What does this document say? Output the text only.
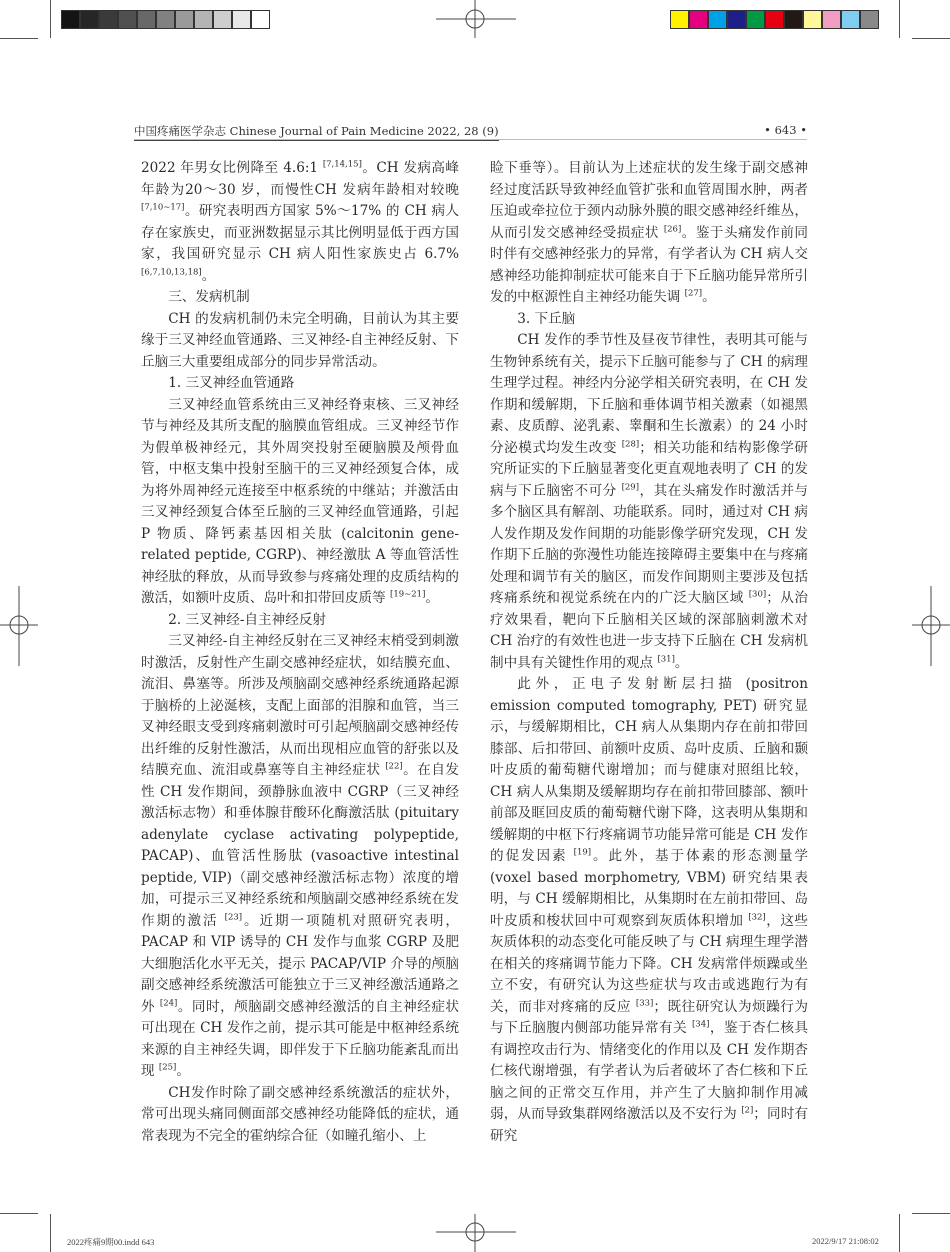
中国疼痛医学杂志 Chinese Journal of Pain Medicine 2022, 28 (9)	• 643 •

2022 年男女比例降至 4.6:1 [7,14,15]。CH 发病高峰年龄为20～30 岁，而慢性CH 发病年龄相对较晚 [7,10~17]。研究表明西方国家 5%～17% 的 CH 病人存在家族史，而亚洲数据显示其比例明显低于西方国家，我国研究显示 CH 病人阳性家族史占 6.7% [6,7,10,13,18]。

三、发病机制

CH 的发病机制仍未完全明确，目前认为其主要缘于三叉神经血管通路、三叉神经-自主神经反射、下丘脑三大重要组成部分的同步异常活动。

1. 三叉神经血管通路

三叉神经血管系统由三叉神经脊束核、三叉神经节与神经及其所支配的脑膜血管组成。三叉神经节作为假单极神经元，其外周突投射至硬脑膜及颅骨血管，中枢支集中投射至脑干的三叉神经颈复合体，成为将外周神经元连接至中枢系统的中继站；并激活由三叉神经颈复合体至丘脑的三叉神经血管通路，引起 P 物质、降钙素基因相关肽 (calcitonin gene-related peptide, CGRP)、神经激肽 A 等血管活性神经肽的释放，从而导致参与疼痛处理的皮质结构的激活，如额叶皮质、岛叶和扣带回皮质等 [19~21]。

2. 三叉神经-自主神经反射

三叉神经-自主神经反射在三叉神经末梢受到刺激时激活，反射性产生副交感神经症状，如结膜充血、流泪、鼻塞等。所涉及颅脑副交感神经系统通路起源于脑桥的上泌涎核，支配上面部的泪腺和血管，当三叉神经眼支受到疼痛刺激时可引起颅脑副交感神经传出纤维的反射性激活，从而出现相应血管的舒张以及结膜充血、流泪或鼻塞等自主神经症状 [22]。在自发性 CH 发作期间，颈静脉血液中 CGRP（三叉神经激活标志物）和垂体腺苷酸环化酶激活肽 (pituitary adenylate cyclase activating polypeptide, PACAP)、血管活性肠肽 (vasoactive intestinal peptide, VIP)（副交感神经激活标志物）浓度的增加，可提示三叉神经系统和颅脑副交感神经系统在发作期的激活 [23]。近期一项随机对照研究表明，PACAP 和 VIP 诱导的 CH 发作与血浆 CGRP 及肥大细胞活化水平无关，提示 PACAP/VIP 介导的颅脑副交感神经系统激活可能独立于三叉神经激活通路之外 [24]。同时，颅脑副交感神经激活的自主神经症状可出现在 CH 发作之前，提示其可能是中枢神经系统来源的自主神经失调，即伴发于下丘脑功能紊乱而出现 [25]。

CH发作时除了副交感神经系统激活的症状外，常可出现头痛同侧面部交感神经功能降低的症状，通常表现为不完全的霍纳综合征（如瞳孔缩小、上

睑下垂等）。目前认为上述症状的发生缘于副交感神经过度活跃导致神经血管扩张和血管周围水肿，两者压迫或牵拉位于颈内动脉外膜的眼交感神经纤维丛，从而引发交感神经受损症状 [26]。鉴于头痛发作前同时伴有交感神经张力的异常，有学者认为 CH 病人交感神经功能抑制症状可能来自于下丘脑功能异常所引发的中枢源性自主神经功能失调 [27]。

3. 下丘脑

CH 发作的季节性及昼夜节律性，表明其可能与生物钟系统有关，提示下丘脑可能参与了 CH 的病理生理学过程。神经内分泌学相关研究表明，在 CH 发作期和缓解期，下丘脑和垂体调节相关激素（如褪黑素、皮质醇、泌乳素、睾酮和生长激素）的 24 小时分泌模式均发生改变 [28]；相关功能和结构影像学研究所证实的下丘脑显著变化更直观地表明了 CH 的发病与下丘脑密不可分 [29]，其在头痛发作时激活并与多个脑区具有解剖、功能联系。同时，通过对 CH 病人发作期及发作间期的功能影像学研究发现，CH 发作期下丘脑的弥漫性功能连接障碍主要集中在与疼痛处理和调节有关的脑区，而发作间期则主要涉及包括疼痛系统和视觉系统在内的广泛大脑区域 [30]；从治疗效果看，靶向下丘脑相关区域的深部脑刺激术对 CH 治疗的有效性也进一步支持下丘脑在 CH 发病机制中具有关键性作用的观点 [31]。

此外，正电子发射断层扫描 (positron emission computed tomography, PET) 研究显示，与缓解期相比，CH 病人从集期内存在前扣带回膝部、后扣带回、前额叶皮质、岛叶皮质、丘脑和颞叶皮质的葡萄糖代谢增加；而与健康对照组比较，CH 病人从集期及缓解期均存在前扣带回膝部、额叶前部及眶回皮质的葡萄糖代谢下降，这表明从集期和缓解期的中枢下行疼痛调节功能异常可能是 CH 发作的促发因素 [19]。此外，基于体素的形态测量学 (voxel based morphometry, VBM) 研究结果表明，与 CH 缓解期相比，从集期时在左前扣带回、岛叶皮质和梭状回中可观察到灰质体积增加 [32]，这些灰质体积的动态变化可能反映了与 CH 病理生理学潜在相关的疼痛调节能力下降。CH 发病常伴烦躁或坐立不安，有研究认为这些症状与攻击或逃跑行为有关，而非对疼痛的反应 [33]；既往研究认为烦躁行为与下丘脑腹内侧部功能异常有关 [34]，鉴于杏仁核具有调控攻击行为、情绪变化的作用以及 CH 发作期杏仁核代谢增强，有学者认为后者破坏了杏仁核和下丘脑之间的正常交互作用，并产生了大脑抑制作用减弱，从而导致集群网络激活以及不安行为 [2]；同时有研究

2022疼痛9期00.indd 643	2022/9/17 21:08:02
